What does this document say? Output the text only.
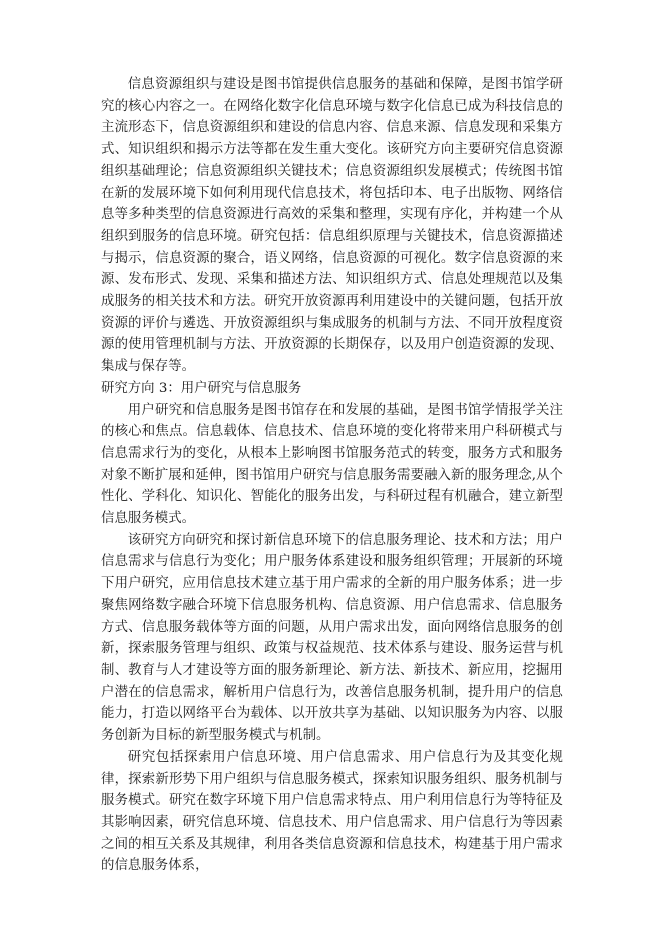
信息资源组织与建设是图书馆提供信息服务的基础和保障，是图书馆学研究的核心内容之一。在网络化数字化信息环境与数字化信息已成为科技信息的主流形态下，信息资源组织和建设的信息内容、信息来源、信息发现和采集方式、知识组织和揭示方法等都在发生重大变化。该研究方向主要研究信息资源组织基础理论；信息资源组织关键技术；信息资源组织发展模式；传统图书馆在新的发展环境下如何利用现代信息技术，将包括印本、电子出版物、网络信息等多种类型的信息资源进行高效的采集和整理，实现有序化，并构建一个从组织到服务的信息环境。研究包括：信息组织原理与关键技术，信息资源描述与揭示，信息资源的聚合，语义网络，信息资源的可视化。数字信息资源的来源、发布形式、发现、采集和描述方法、知识组织方式、信息处理规范以及集成服务的相关技术和方法。研究开放资源再利用建设中的关键问题，包括开放资源的评价与遴选、开放资源组织与集成服务的机制与方法、不同开放程度资源的使用管理机制与方法、开放资源的长期保存，以及用户创造资源的发现、集成与保存等。

研究方向 3：用户研究与信息服务

用户研究和信息服务是图书馆存在和发展的基础，是图书馆学情报学关注的核心和焦点。信息载体、信息技术、信息环境的变化将带来用户科研模式与信息需求行为的变化，从根本上影响图书馆服务范式的转变，服务方式和服务对象不断扩展和延伸，图书馆用户研究与信息服务需要融入新的服务理念,从个性化、学科化、知识化、智能化的服务出发，与科研过程有机融合，建立新型信息服务模式。

该研究方向研究和探讨新信息环境下的信息服务理论、技术和方法；用户信息需求与信息行为变化；用户服务体系建设和服务组织管理；开展新的环境下用户研究，应用信息技术建立基于用户需求的全新的用户服务体系；进一步聚焦网络数字融合环境下信息服务机构、信息资源、用户信息需求、信息服务方式、信息服务载体等方面的问题，从用户需求出发，面向网络信息服务的创新，探索服务管理与组织、政策与权益规范、技术体系与建设、服务运营与机制、教育与人才建设等方面的服务新理论、新方法、新技术、新应用，挖掘用户潜在的信息需求，解析用户信息行为，改善信息服务机制，提升用户的信息能力，打造以网络平台为载体、以开放共享为基础、以知识服务为内容、以服务创新为目标的新型服务模式与机制。

研究包括探索用户信息环境、用户信息需求、用户信息行为及其变化规律，探索新形势下用户组织与信息服务模式，探索知识服务组织、服务机制与服务模式。研究在数字环境下用户信息需求特点、用户利用信息行为等特征及其影响因素，研究信息环境、信息技术、用户信息需求、用户信息行为等因素之间的相互关系及其规律，利用各类信息资源和信息技术，构建基于用户需求的信息服务体系，
